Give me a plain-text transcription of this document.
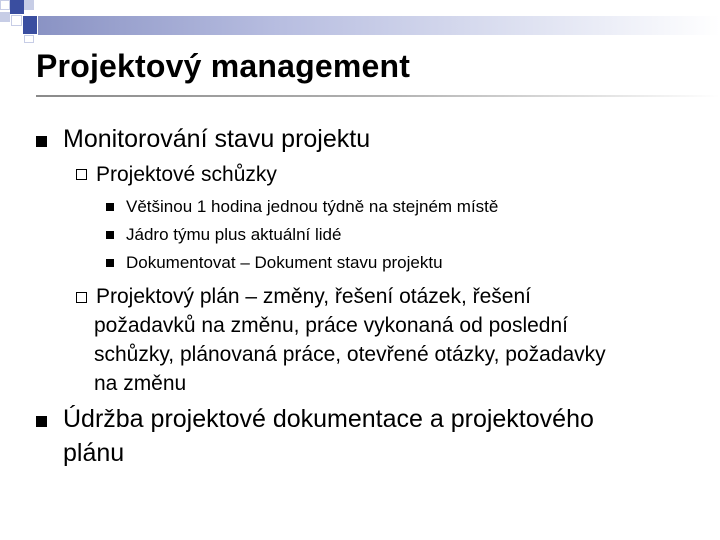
Projektový management
Monitorování stavu projektu
Projektové schůzky
Většinou 1 hodina jednou týdně na stejném místě
Jádro týmu plus aktuální lidé
Dokumentovat – Dokument stavu projektu
Projektový plán – změny, řešení otázek, řešení
požadavků na změnu, práce vykonaná od poslední
schůzky, plánovaná práce, otevřené otázky, požadavky
na změnu
Údržba projektové dokumentace a projektového
plánu
